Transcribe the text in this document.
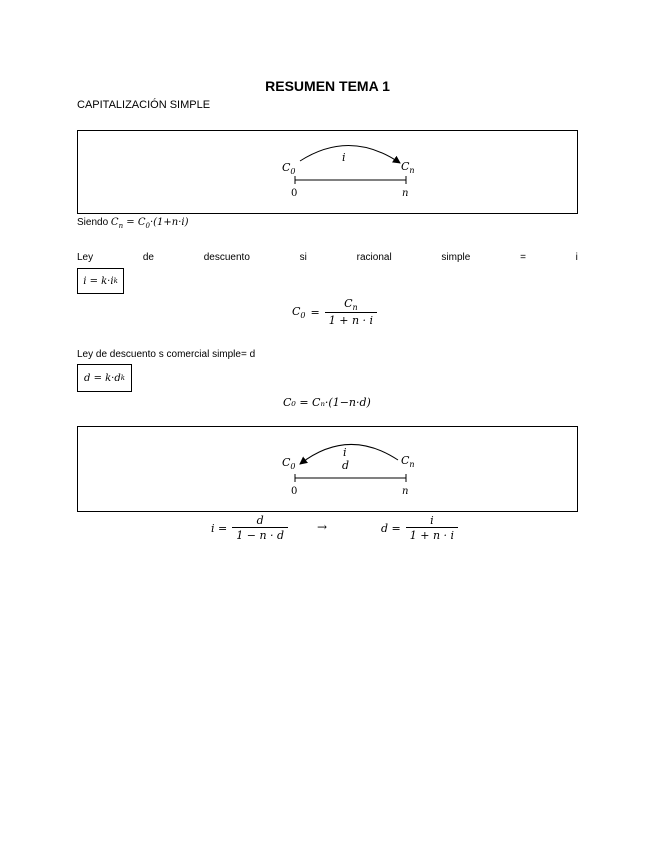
RESUMEN TEMA 1
CAPITALIZACIÓN SIMPLE
$C_0$	$C_n$
i
0	n
Siendo $C_n = C_0\cdot(1+n\cdot i)$
Ley	de	descuento	si	racional	simple	=	i
i = k·i k
$C_0 = \frac{C_n}{1 + n \cdot i}$
Ley de descuento s comercial simple= d
d = k·d k
C₀ = Cₙ·(1−n·d)
$C_0$	$C_n$
i
d
0	n
$i = \frac{d}{1 - n \cdot d}$ →	$d = \frac{i}{1 + n \cdot i}$
